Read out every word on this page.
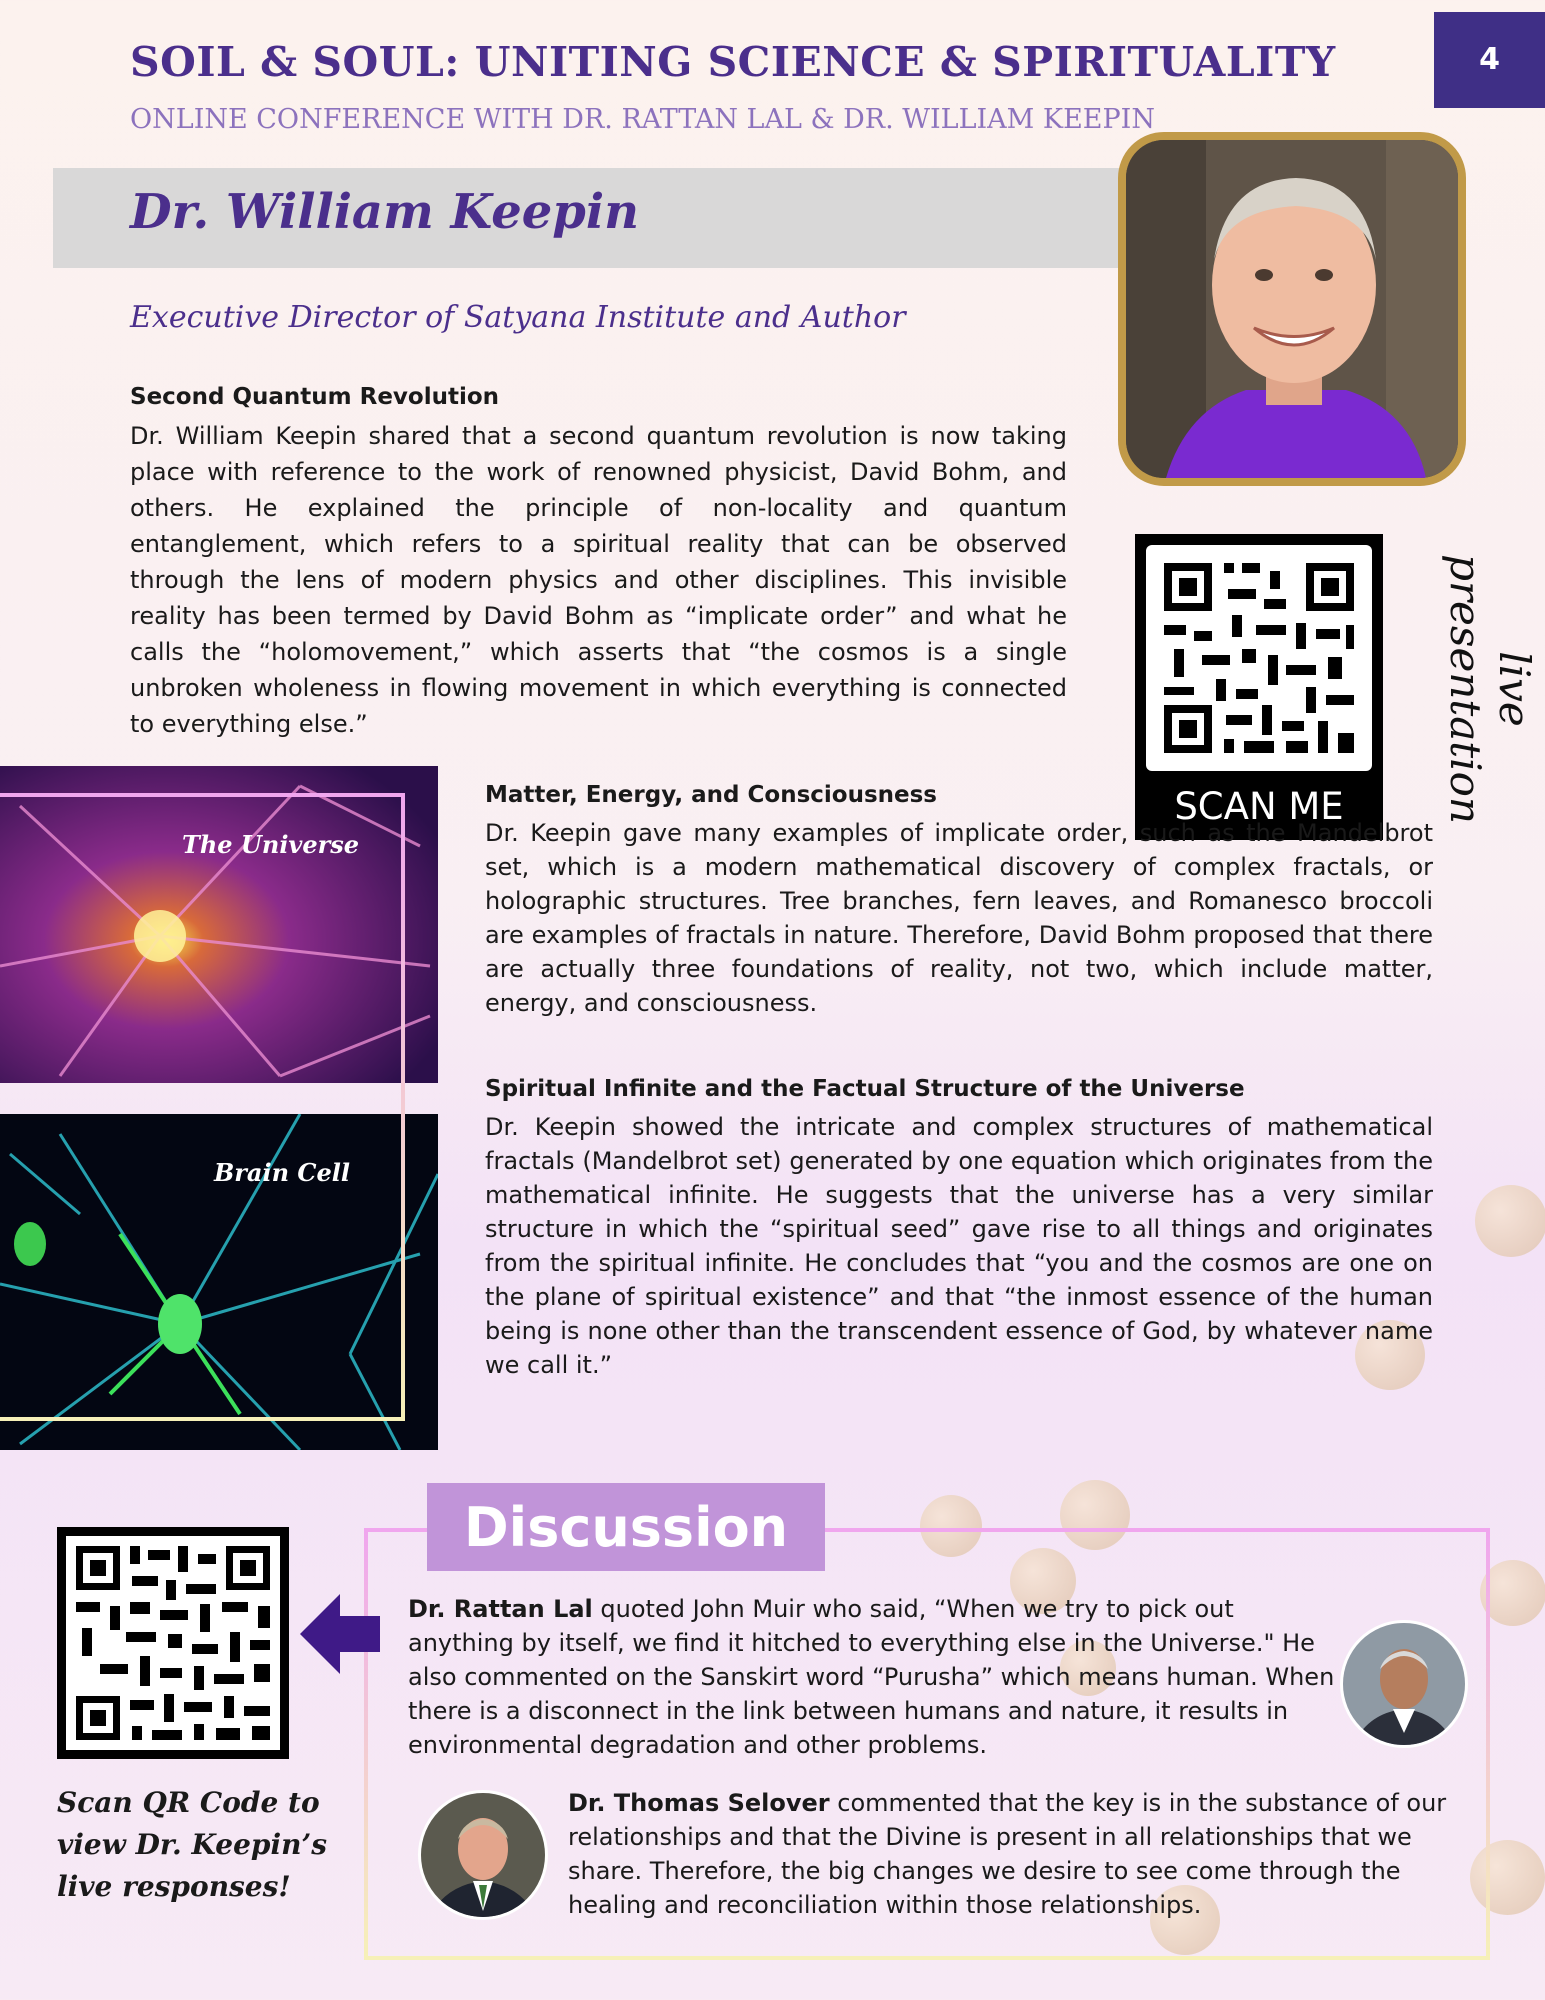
SOIL & SOUL: UNITING SCIENCE & SPIRITUALITY
ONLINE CONFERENCE WITH DR. RATTAN LAL & DR. WILLIAM KEEPIN
4
Dr. William Keepin
Executive Director of Satyana Institute and Author
Second Quantum Revolution
Dr. William Keepin shared that a second quantum revolution is now taking place with reference to the work of renowned physicist, David Bohm, and others. He explained the principle of non-locality and quantum entanglement, which refers to a spiritual reality that can be observed through the lens of modern physics and other disciplines. This invisible reality has been termed by David Bohm as “implicate order” and what he calls the “holomovement,” which asserts that “the cosmos is a single unbroken wholeness in flowing movement in which everything is connected to everything else.”
SCAN ME
live presentation
The Universe
Brain Cell
Matter, Energy, and Consciousness
Dr. Keepin gave many examples of implicate order, such as the Mandelbrot set, which is a modern mathematical discovery of complex fractals, or holographic structures. Tree branches, fern leaves, and Romanesco broccoli are examples of fractals in nature. Therefore, David Bohm proposed that there are actually three foundations of reality, not two, which include matter, energy, and consciousness.
Spiritual Infinite and the Factual Structure of the Universe
Dr. Keepin showed the intricate and complex structures of mathematical fractals (Mandelbrot set) generated by one equation which originates from the mathematical infinite. He suggests that the universe has a very similar structure in which the “spiritual seed” gave rise to all things and originates from the spiritual infinite. He concludes that “you and the cosmos are one on the plane of spiritual existence” and that “the inmost essence of the human being is none other than the transcendent essence of God, by whatever name we call it.”
Discussion
Dr. Rattan Lal quoted John Muir who said, “When we try to pick out anything by itself, we find it hitched to everything else in the Universe." He also commented on the Sanskirt word “Purusha” which means human. When there is a disconnect in the link between humans and nature, it results in environmental degradation and other problems.
Dr. Thomas Selover commented that the key is in the substance of our relationships and that the Divine is present in all relationships that we share. Therefore, the big changes we desire to see come through the healing and reconciliation within those relationships.
Scan QR Code to view Dr. Keepin’s live responses!
